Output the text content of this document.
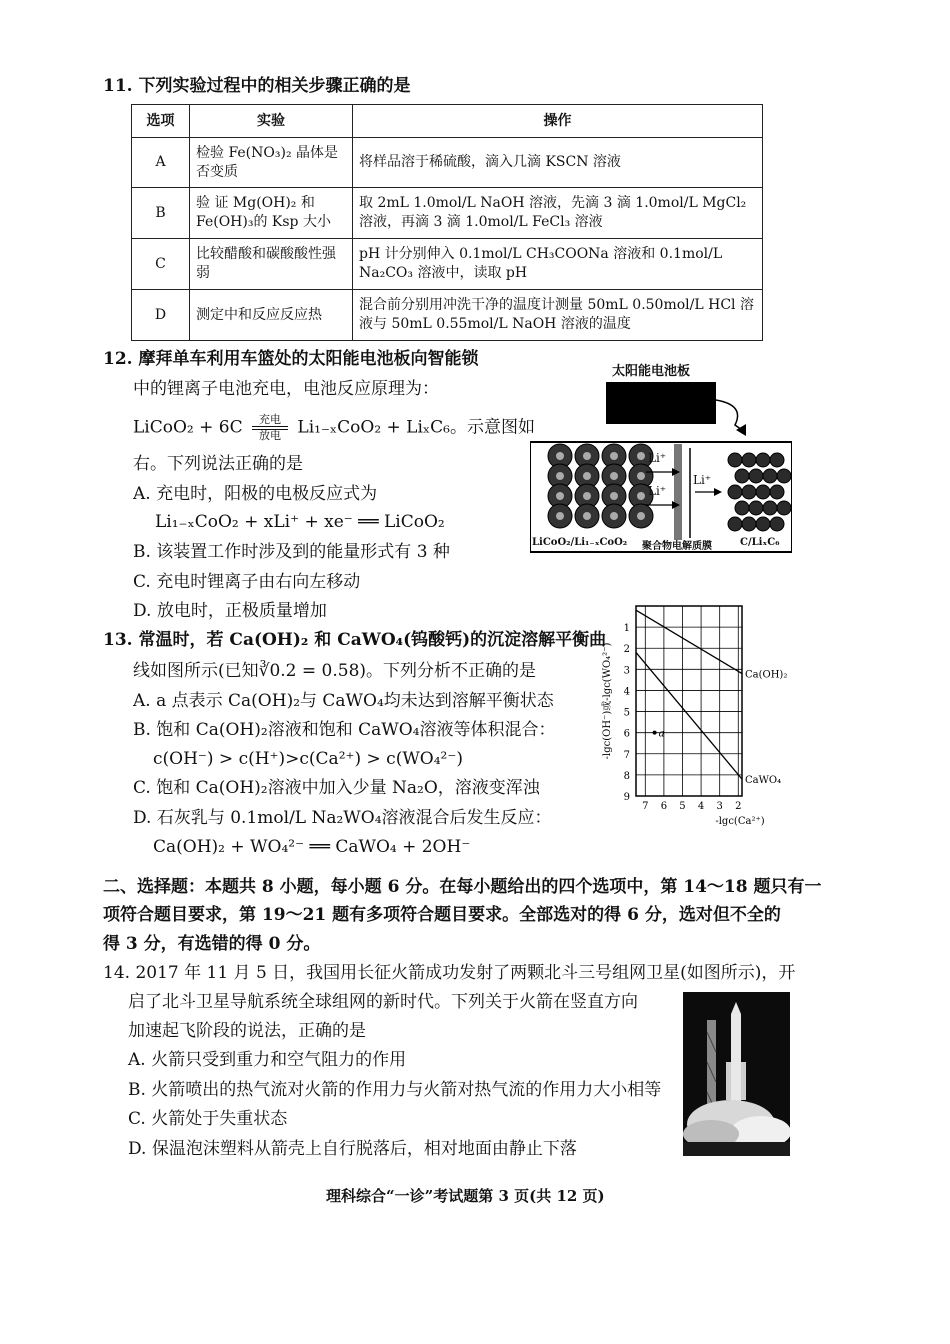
11. 下列实验过程中的相关步骤正确的是
选项	实验	操作
A	检验 Fe(NO₃)₂ 晶体是否变质	将样品溶于稀硫酸，滴入几滴 KSCN 溶液
B	验 证 Mg(OH)₂ 和 Fe(OH)₃的 Ksp 大小	取 2mL 1.0mol/L NaOH 溶液，先滴 3 滴 1.0mol/L MgCl₂ 溶液，再滴 3 滴 1.0mol/L FeCl₃ 溶液
C	比较醋酸和碳酸酸性强弱	pH 计分别伸入 0.1mol/L CH₃COONa 溶液和 0.1mol/L Na₂CO₃ 溶液中，读取 pH
D	测定中和反应反应热	混合前分别用冲洗干净的温度计测量 50mL 0.50mol/L HCl 溶液与 50mL 0.55mol/L NaOH 溶液的温度
12. 摩拜单车利用车篮处的太阳能电池板向智能锁
中的锂离子电池充电，电池反应原理为：
LiCoO₂ + 6C	充电
放电 Li₁₋ₓCoO₂ + LiₓC₆。示意图如
右。下列说法正确的是
A. 充电时，阳极的电极反应式为
Li₁₋ₓCoO₂ + xLi⁺ + xe⁻ ══ LiCoO₂
B. 该装置工作时涉及到的能量形式有 3 种
C. 充电时锂离子由右向左移动
D. 放电时，正极质量增加
太阳能电池板
Li⁺
Li⁺
Li⁺
LiCoO₂/Li₁₋ₓCoO₂ 聚合物电解质膜	C/LiₓC₆
13. 常温时，若 Ca(OH)₂ 和 CaWO₄(钨酸钙)的沉淀溶解平衡曲
线如图所示(已知∛0.2 = 0.58)。下列分析不正确的是
A. a 点表示 Ca(OH)₂与 CaWO₄均未达到溶解平衡状态
B. 饱和 Ca(OH)₂溶液和饱和 CaWO₄溶液等体积混合：
c(OH⁻) > c(H⁺)>c(Ca²⁺) > c(WO₄²⁻)
C. 饱和 Ca(OH)₂溶液中加入少量 Na₂O，溶液变浑浊
D. 石灰乳与 0.1mol/L Na₂WO₄溶液混合后发生反应：
Ca(OH)₂ + WO₄²⁻ ══ CaWO₄ + 2OH⁻
7 6 5 4 3 2
1
2
3
4
5
6
7
8
9
Ca(OH)₂
CaWO₄
a
-lgc(Ca²⁺)
-lgc(OH⁻)或-lgc(WO₄²⁻)
二、选择题：本题共 8 小题，每小题 6 分。在每小题给出的四个选项中，第 14～18 题只有一
项符合题目要求，第 19～21 题有多项符合题目要求。全部选对的得 6 分，选对但不全的
得 3 分，有选错的得 0 分。
14. 2017 年 11 月 5 日，我国用长征火箭成功发射了两颗北斗三号组网卫星(如图所示)，开
启了北斗卫星导航系统全球组网的新时代。下列关于火箭在竖直方向
加速起飞阶段的说法，正确的是
A. 火箭只受到重力和空气阻力的作用
B. 火箭喷出的热气流对火箭的作用力与火箭对热气流的作用力大小相等
C. 火箭处于失重状态
D. 保温泡沫塑料从箭壳上自行脱落后，相对地面由静止下落
理科综合“一诊”考试题第 3 页(共 12 页)
